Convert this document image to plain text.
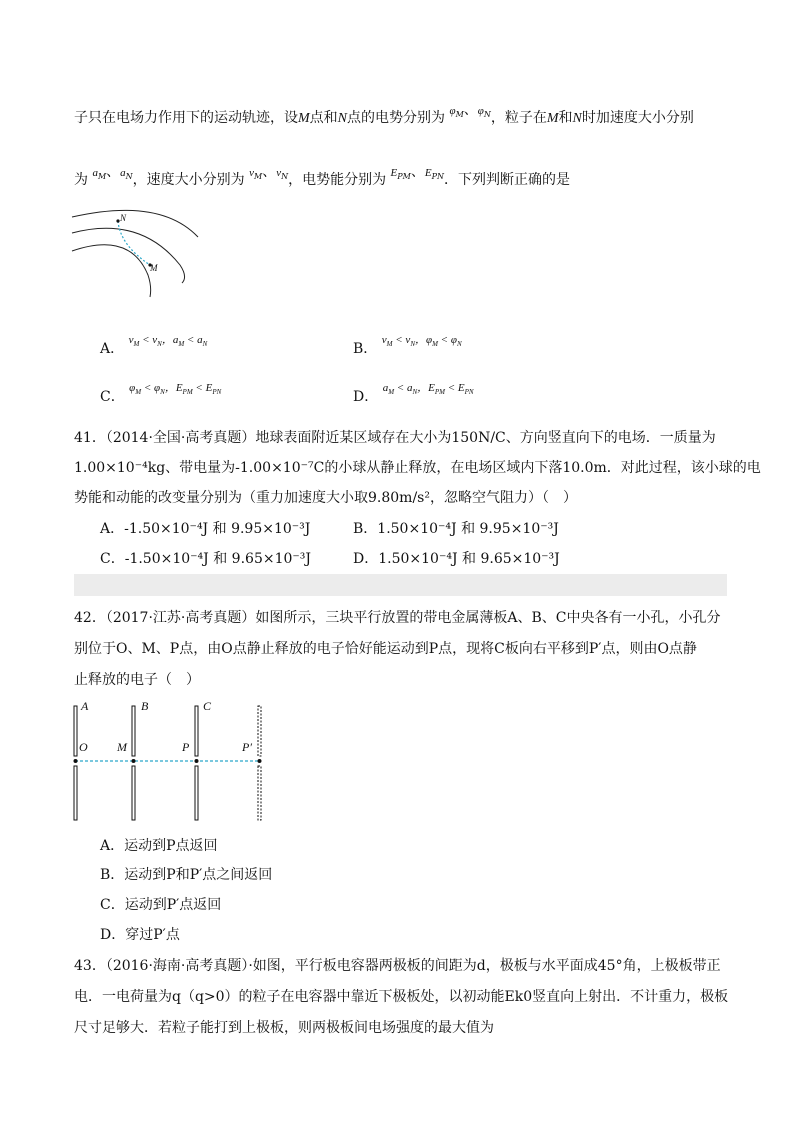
子只在电场力作用下的运动轨迹，设M点和N点的电势分别为 $\varphi_M$、$\varphi_N$，粒子在M和N时加速度大小分别
为 $a_M$、$a_N$，速度大小分别为 $v_M$、$v_N$，电势能分别为 $E_{PM}$、$E_{PN}$．下列判断正确的是
N
M
A． $^{v_M < v_N,a_M < a_N}$	B． $^{v_M < v_N,\varphi_M < \varphi_N}$
C． $^{\varphi_M < \varphi_N,E_{PM} < E_{PN}}$	D． $^{a_M < a_N,E_{PM} < E_{PN}}$
41．（2014·全国·高考真题）地球表面附近某区域存在大小为150N/C、方向竖直向下的电场．一质量为
1.00×10⁻⁴kg、带电量为-1.00×10⁻⁷C的小球从静止释放，在电场区域内下落10.0m．对此过程，该小球的电
势能和动能的改变量分别为（重力加速度大小取9.80m/s²，忽略空气阻力）（　）
A．-1.50×10⁻⁴J 和 9.95×10⁻³J	B．1.50×10⁻⁴J 和 9.95×10⁻³J
C．-1.50×10⁻⁴J 和 9.65×10⁻³J	D．1.50×10⁻⁴J 和 9.65×10⁻³J
42．（2017·江苏·高考真题）如图所示，三块平行放置的带电金属薄板A、B、C中央各有一小孔，小孔分
别位于O、M、P点，由O点静止释放的电子恰好能运动到P点，现将C板向右平移到P′点，则由O点静
止释放的电子（　）
A	B	C
O M	P	P′
A．运动到P点返回
B．运动到P和P′点之间返回
C．运动到P′点返回
D．穿过P′点
43．（2016·海南·高考真题）·如图，平行板电容器两极板的间距为d，极板与水平面成45°角，上极板带正
电．一电荷量为q（q>0）的粒子在电容器中靠近下极板处，以初动能Ek0竖直向上射出．不计重力，极板
尺寸足够大．若粒子能打到上极板，则两极板间电场强度的最大值为
